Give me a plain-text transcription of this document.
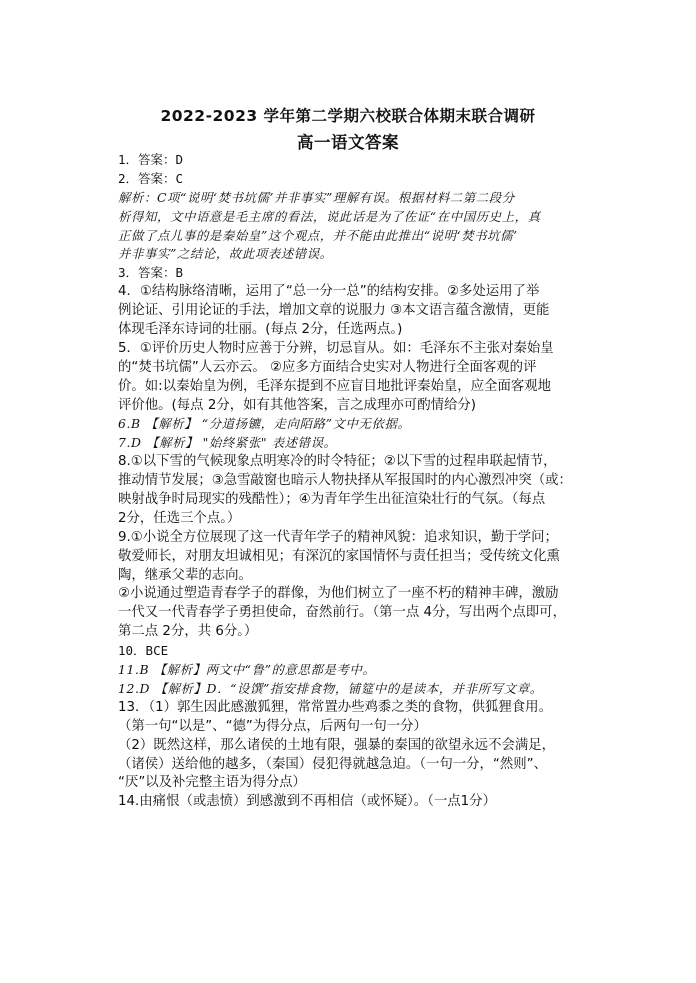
2022-2023 学年第二学期六校联合体期末联合调研
高一语文答案
1．答案：D
2．答案：C
解析：C项“说明‘焚书坑儒’并非事实”理解有误。根据材料二第二段分
析得知，文中语意是毛主席的看法，说此话是为了佐证“在中国历史上，真
正做了点儿事的是秦始皇”这个观点，并不能由此推出“说明‘焚书坑儒’
并非事实”之结论，故此项表述错误。
3．答案：B
4．①结构脉络清晰，运用了“总一分一总”的结构安排。②多处运用了举
例论证、引用论证的手法，增加文章的说服力 ③本文语言蕴含激情，更能
体现毛泽东诗词的壮丽。(每点 2分，任选两点。)
5．①评价历史人物时应善于分辨，切忌盲从。如：毛泽东不主张对秦始皇
的“焚书坑儒”人云亦云。 ②应多方面结合史实对人物进行全面客观的评
价。如:以秦始皇为例，毛泽东提到不应盲目地批评秦始皇，应全面客观地
评价他。(每点 2分，如有其他答案，言之成理亦可酌情给分)
6.B 【解析】 “分道扬镳，走向陌路”文中无依据。
7.D 【解析】 "始终紧张" 表述错误。
8.①以下雪的气候现象点明寒冷的时令特征；②以下雪的过程串联起情节，
推动情节发展；③急雪敲窗也暗示人物抉择从军报国时的内心激烈冲突（或：
映射战争时局现实的残酷性）；④为青年学生出征渲染壮行的气氛。（每点
2分，任选三个点。）
9.①小说全方位展现了这一代青年学子的精神风貌：追求知识，勤于学问；
敬爱师长，对朋友坦诚相见；有深沉的家国情怀与责任担当；受传统文化熏
陶，继承父辈的志向。
②小说通过塑造青春学子的群像，为他们树立了一座不朽的精神丰碑，激励
一代又一代青春学子勇担使命，奋然前行。（第一点 4分，写出两个点即可，
第二点 2分，共 6分。）
10．BCE
11.B 【解析】两文中“鲁”的意思都是考中。
12.D 【解析】D．“设馔”指安排食物，铺筵中的是读本，并非所写文章。
13．（1）郭生因此感激狐狸，常常置办些鸡黍之类的食物，供狐狸食用。
（第一句“以是”、“德”为得分点，后两句一句一分）
（2）既然这样，那么诸侯的土地有限，强暴的秦国的欲望永远不会满足，
（诸侯）送给他的越多，（秦国）侵犯得就越急迫。（一句一分，“然则”、
“厌”以及补完整主语为得分点）
14.由痛恨（或恚愤）到感激到不再相信（或怀疑）。（一点1分）
